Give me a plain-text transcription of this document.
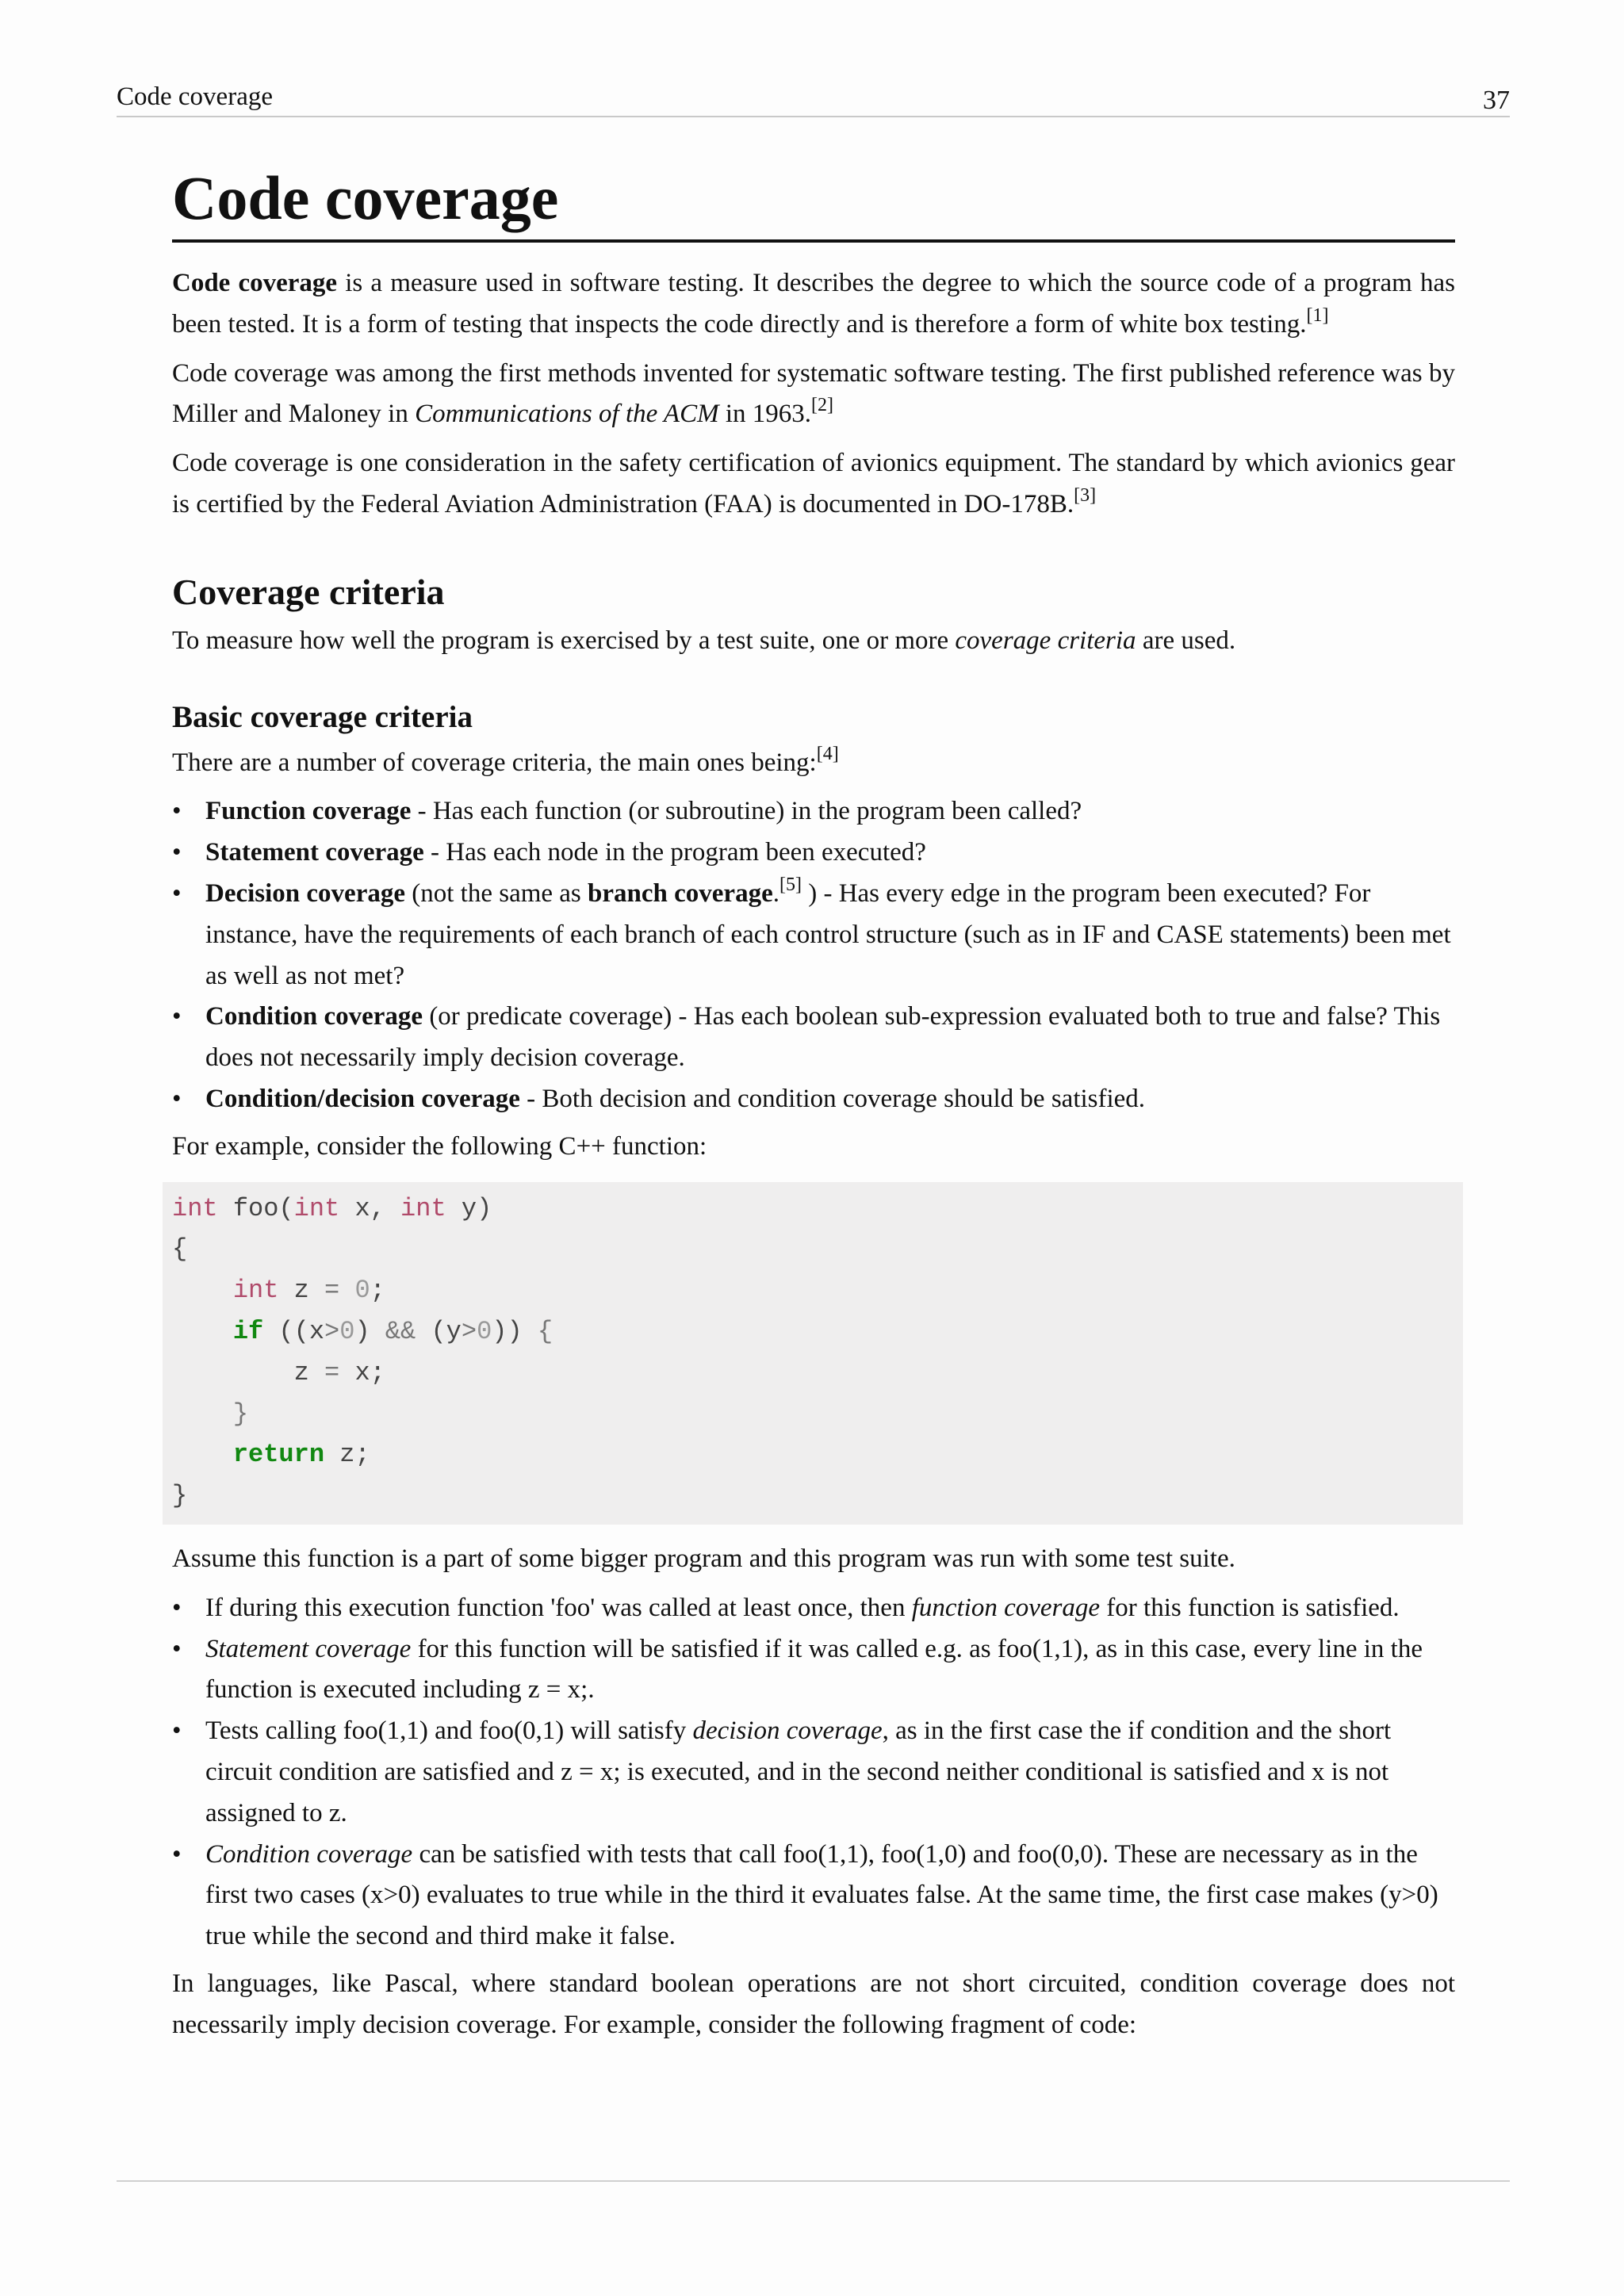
Code coverage	37
Code coverage

Code coverage is a measure used in software testing. It describes the degree to which the source code of a program has been tested. It is a form of testing that inspects the code directly and is therefore a form of white box testing.[1]

Code coverage was among the first methods invented for systematic software testing. The first published reference was by Miller and Maloney in Communications of the ACM in 1963.[2]

Code coverage is one consideration in the safety certification of avionics equipment. The standard by which avionics gear is certified by the Federal Aviation Administration (FAA) is documented in DO-178B.[3]

Coverage criteria

To measure how well the program is exercised by a test suite, one or more coverage criteria are used.

Basic coverage criteria

There are a number of coverage criteria, the main ones being:[4]

• Function coverage - Has each function (or subroutine) in the program been called?
• Statement coverage - Has each node in the program been executed?
• Decision coverage (not the same as branch coverage.[5] ) - Has every edge in the program been executed? For instance, have the requirements of each branch of each control structure (such as in IF and CASE statements) been met as well as not met?
• Condition coverage (or predicate coverage) - Has each boolean sub-expression evaluated both to true and false? This does not necessarily imply decision coverage.
• Condition/decision coverage - Both decision and condition coverage should be satisfied.

For example, consider the following C++ function:

int foo(int x, int y)
{
int z = 0;
if ((x>0) && (y>0)) {
z = x;
}
return z;
}

Assume this function is a part of some bigger program and this program was run with some test suite.

• If during this execution function 'foo' was called at least once, then function coverage for this function is satisfied.
• Statement coverage for this function will be satisfied if it was called e.g. as foo(1,1), as in this case, every line in the function is executed including z = x;.
• Tests calling foo(1,1) and foo(0,1) will satisfy decision coverage, as in the first case the if condition and the short circuit condition are satisfied and z = x; is executed, and in the second neither conditional is satisfied and x is not assigned to z.
• Condition coverage can be satisfied with tests that call foo(1,1), foo(1,0) and foo(0,0). These are necessary as in the first two cases (x>0) evaluates to true while in the third it evaluates false. At the same time, the first case makes (y>0) true while the second and third make it false.

In languages, like Pascal, where standard boolean operations are not short circuited, condition coverage does not necessarily imply decision coverage. For example, consider the following fragment of code:
